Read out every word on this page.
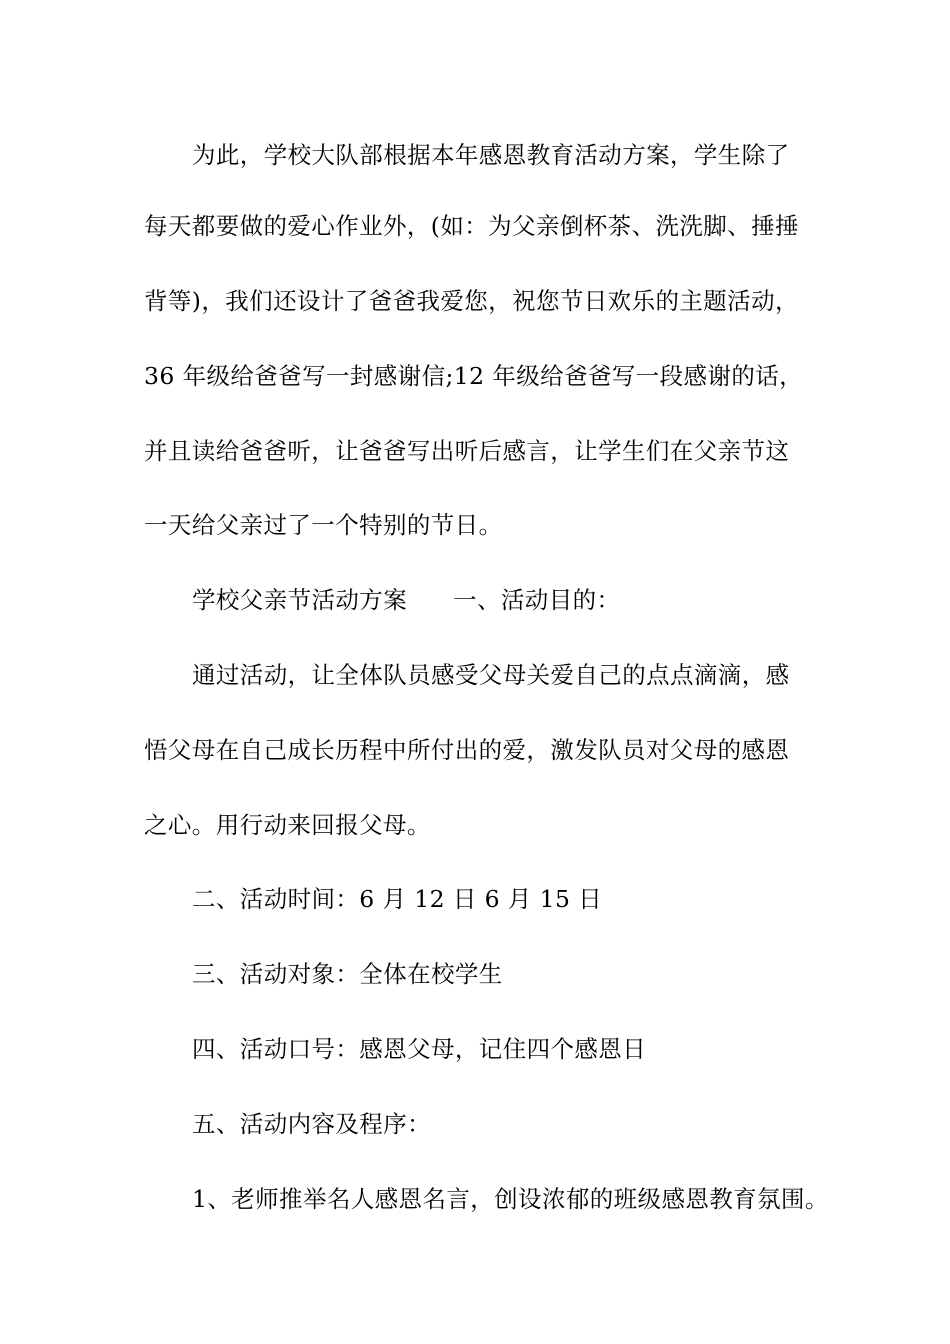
为此，学校大队部根据本年感恩教育活动方案，学生除了
每天都要做的爱心作业外，(如：为父亲倒杯茶、洗洗脚、捶捶
背等)，我们还设计了爸爸我爱您，祝您节日欢乐的主题活动，
36 年级给爸爸写一封感谢信;12 年级给爸爸写一段感谢的话，
并且读给爸爸听，让爸爸写出听后感言，让学生们在父亲节这
一天给父亲过了一个特别的节日。
学校父亲节活动方案 一、活动目的：
通过活动，让全体队员感受父母关爱自己的点点滴滴，感
悟父母在自己成长历程中所付出的爱，激发队员对父母的感恩
之心。用行动来回报父母。
二、活动时间：6 月 12 日 6 月 15 日
三、活动对象：全体在校学生
四、活动口号：感恩父母，记住四个感恩日
五、活动内容及程序：
1、老师推举名人感恩名言，创设浓郁的班级感恩教育氛围。
